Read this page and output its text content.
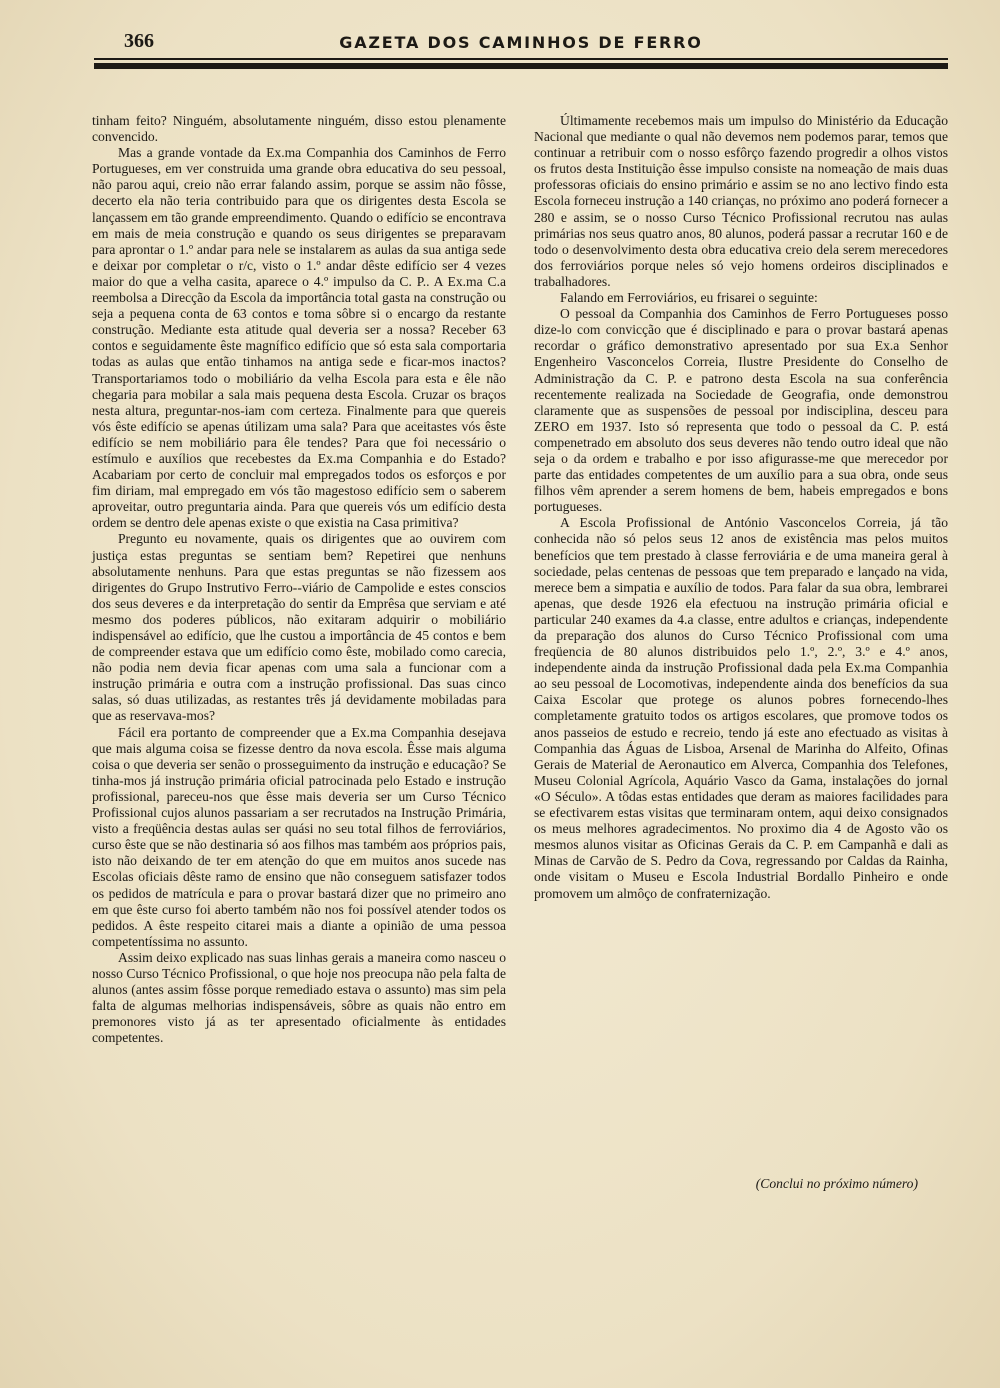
366	GAZETA DOS CAMINHOS DE FERRO

tinham feito? Ninguém, absolutamente ninguém, disso estou plenamente convencido.

Mas a grande vontade da Ex.ma Companhia dos Caminhos de Ferro Portugueses, em ver construida uma grande obra educativa do seu pessoal, não parou aqui, creio não errar falando assim, porque se assim não fôsse, decerto ela não teria contribuido para que os dirigentes desta Escola se lançassem em tão grande empreendimento. Quando o edifício se encontrava em mais de meia construção e quando os seus dirigentes se preparavam para aprontar o 1.º andar para nele se instalarem as aulas da sua antiga sede e deixar por completar o r/c, visto o 1.º andar dêste edifício ser 4 vezes maior do que a velha casita, aparece o 4.º impulso da C. P.. A Ex.ma C.a reembolsa a Direcção da Escola da importância total gasta na construção ou seja a pequena conta de 63 contos e toma sôbre si o encargo da restante construção. Mediante esta atitude qual deveria ser a nossa? Receber 63 contos e seguidamente êste magnífico edifício que só esta sala comportaria todas as aulas que então tinhamos na antiga sede e ficar-mos inactos? Transportariamos todo o mobiliário da velha Escola para esta e êle não chegaria para mobilar a sala mais pequena desta Escola. Cruzar os braços nesta altura, preguntar-nos-iam com certeza. Finalmente para que quereis vós êste edifício se apenas útilizam uma sala? Para que aceitastes vós êste edifício se nem mobiliário para êle tendes? Para que foi necessário o estímulo e auxílios que recebestes da Ex.ma Companhia e do Estado? Acabariam por certo de concluir mal empregados todos os esforços e por fim diriam, mal empregado em vós tão magestoso edifício sem o saberem aproveitar, outro preguntaria ainda. Para que quereis vós um edifício desta ordem se dentro dele apenas existe o que existia na Casa primitiva?

Pregunto eu novamente, quais os dirigentes que ao ouvirem com justiça estas preguntas se sentiam bem? Repetirei que nenhuns absolutamente nenhuns. Para que estas preguntas se não fizessem aos dirigentes do Grupo Instrutivo Ferro--viário de Campolide e estes conscios dos seus deveres e da interpretação do sentir da Emprêsa que serviam e até mesmo dos poderes públicos, não exitaram adquirir o mobiliário indispensável ao edifício, que lhe custou a importância de 45 contos e bem de compreender estava que um edifício como êste, mobilado como carecia, não podia nem devia ficar apenas com uma sala a funcionar com a instrução primária e outra com a instrução profissional. Das suas cinco salas, só duas utilizadas, as restantes três já devidamente mobiladas para que as reservava-mos?

Fácil era portanto de compreender que a Ex.ma Companhia desejava que mais alguma coisa se fizesse dentro da nova escola. Êsse mais alguma coisa o que deveria ser senão o prosseguimento da instrução e educação? Se tinha-mos já instrução primária oficial patrocinada pelo Estado e instrução profissional, pareceu-nos que êsse mais deveria ser um Curso Técnico Profissional cujos alunos passariam a ser recrutados na Instrução Primária, visto a freqüência destas aulas ser quási no seu total filhos de ferroviários, curso êste que se não destinaria só aos filhos mas também aos próprios pais, isto não deixando de ter em atenção do que em muitos anos sucede nas Escolas oficiais dêste ramo de ensino que não conseguem satisfazer todos os pedidos de matrícula e para o provar bastará dizer que no primeiro ano em que êste curso foi aberto também não nos foi possível atender todos os pedidos. A êste respeito citarei mais a diante a opinião de uma pessoa competentíssima no assunto.

Assim deixo explicado nas suas linhas gerais a maneira como nasceu o nosso Curso Técnico Profissional, o que hoje nos preocupa não pela falta de alunos (antes assim fôsse porque remediado estava o assunto) mas sim pela falta de algumas melhorias indispensáveis, sôbre as quais não entro em premonores visto já as ter apresentado oficialmente às entidades competentes.

Últimamente recebemos mais um impulso do Ministério da Educação Nacional que mediante o qual não devemos nem podemos parar, temos que continuar a retribuir com o nosso esfôrço fazendo progredir a olhos vistos os frutos desta Instituição êsse impulso consiste na nomeação de mais duas professoras oficiais do ensino primário e assim se no ano lectivo findo esta Escola forneceu instrução a 140 crianças, no próximo ano poderá fornecer a 280 e assim, se o nosso Curso Técnico Profissional recrutou nas aulas primárias nos seus quatro anos, 80 alunos, poderá passar a recrutar 160 e de todo o desenvolvimento desta obra educativa creio dela serem merecedores dos ferroviários porque neles só vejo homens ordeiros disciplinados e trabalhadores.

Falando em Ferroviários, eu frisarei o seguinte:

O pessoal da Companhia dos Caminhos de Ferro Portugueses posso dize-lo com convicção que é disciplinado e para o provar bastará apenas recordar o gráfico demonstrativo apresentado por sua Ex.a Senhor Engenheiro Vasconcelos Correia, Ilustre Presidente do Conselho de Administração da C. P. e patrono desta Escola na sua conferência recentemente realizada na Sociedade de Geografia, onde demonstrou claramente que as suspensões de pessoal por indisciplina, desceu para ZERO em 1937. Isto só representa que todo o pessoal da C. P. está compenetrado em absoluto dos seus deveres não tendo outro ideal que não seja o da ordem e trabalho e por isso afigurasse-me que merecedor por parte das entidades competentes de um auxílio para a sua obra, onde seus filhos vêm aprender a serem homens de bem, habeis empregados e bons portugueses.

A Escola Profissional de António Vasconcelos Correia, já tão conhecida não só pelos seus 12 anos de existência mas pelos muitos benefícios que tem prestado à classe ferroviária e de uma maneira geral à sociedade, pelas centenas de pessoas que tem preparado e lançado na vida, merece bem a simpatia e auxílio de todos. Para falar da sua obra, lembrarei apenas, que desde 1926 ela efectuou na instrução primária oficial e particular 240 exames da 4.a classe, entre adultos e crianças, independente da preparação dos alunos do Curso Técnico Profissional com uma freqüencia de 80 alunos distribuidos pelo 1.º, 2.º, 3.º e 4.º anos, independente ainda da instrução Profissional dada pela Ex.ma Companhia ao seu pessoal de Locomotivas, independente ainda dos benefícios da sua Caixa Escolar que protege os alunos pobres fornecendo-lhes completamente gratuito todos os artigos escolares, que promove todos os anos passeios de estudo e recreio, tendo já este ano efectuado as visitas à Companhia das Águas de Lisboa, Arsenal de Marinha do Alfeito, Ofinas Gerais de Material de Aeronautico em Alverca, Companhia dos Telefones, Museu Colonial Agrícola, Aquário Vasco da Gama, instalações do jornal «O Século». A tôdas estas entidades que deram as maiores facilidades para se efectivarem estas visitas que terminaram ontem, aqui deixo consignados os meus melhores agradecimentos. No proximo dia 4 de Agosto vão os mesmos alunos visitar as Oficinas Gerais da C. P. em Campanhã e dali as Minas de Carvão de S. Pedro da Cova, regressando por Caldas da Rainha, onde visitam o Museu e Escola Industrial Bordallo Pinheiro e onde promovem um almôço de confraternização.

(Conclui no próximo número)
